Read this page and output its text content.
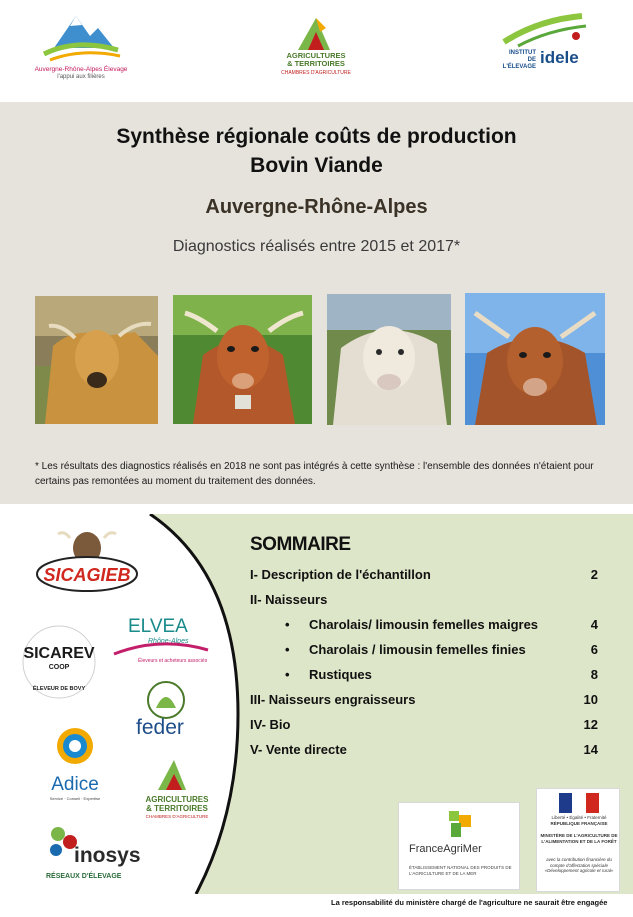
Auvergne-Rhône-Alpes Élevage
l'appui aux filières
AGRICULTURES
& TERRITOIRES
CHAMBRES D'AGRICULTURE
INSTITUT DE L'ÉLEVAGE idele
Synthèse régionale coûts de production
Bovin Viande
Auvergne-Rhône-Alpes
Diagnostics réalisés entre 2015 et 2017*
* Les résultats des diagnostics réalisés en 2018 ne sont pas intégrés à cette synthèse : l'ensemble des données n'étaient pour certains pas remontées au moment du traitement des données.
SICAGIEB
ELVEA
Rhône-Alpes
Éleveurs et acheteurs associés
SICAREV
COOP
ÉLEVEUR DE BOVY
feder
Adice
Service · Conseil · Expertise	AGRICULTURES
& TERRITOIRES
CHAMBRES D'AGRICULTURE
inosys
RÉSEAUX D'ÉLEVAGE
SOMMAIRE
I- Description de l'échantillon	2
II- Naisseurs
• Charolais/ limousin femelles maigres	4
• Charolais / limousin femelles finies	6
• Rustiques	8
III- Naisseurs engraisseurs	10
IV- Bio	12
V- Vente directe	14
FranceAgriMer
ÉTABLISSEMENT NATIONAL DES PRODUITS DE L'AGRICULTURE ET DE LA MER
Liberté • Égalité • Fraternité
RÉPUBLIQUE FRANÇAISE
MINISTÈRE DE L'AGRICULTURE DE L'ALIMENTATION ET DE LA FORÊT
avec la contribution financière du compte d'affectation spéciale «Développement agricole et rural»
La responsabilité du ministère chargé de l'agriculture ne saurait être engagée
